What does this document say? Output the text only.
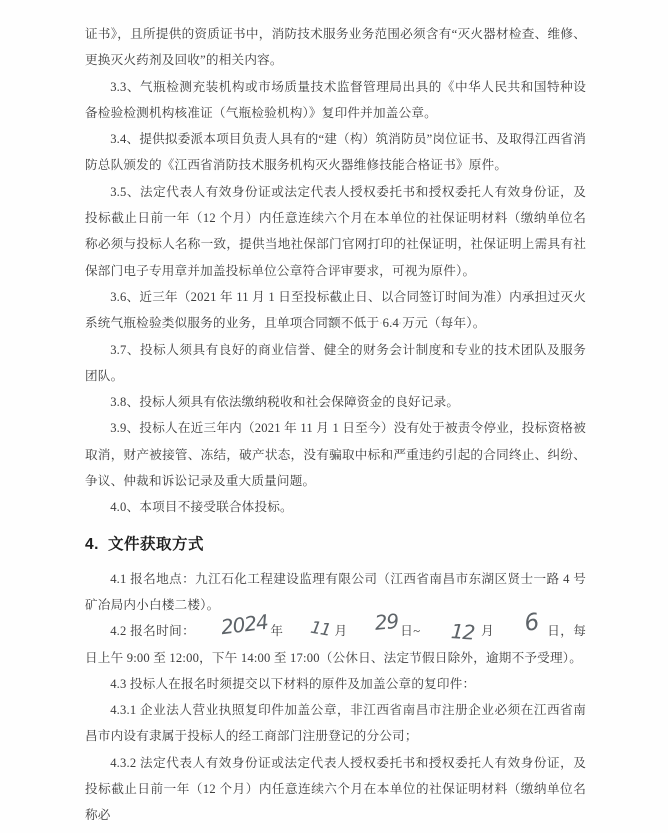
证书》，且所提供的资质证书中，消防技术服务业务范围必须含有“灭火器材检查、维修、更换灭火药剂及回收”的相关内容。

3.3、气瓶检测充装机构或市场质量技术监督管理局出具的《中华人民共和国特种设备检验检测机构核准证（气瓶检验机构）》复印件并加盖公章。

3.4、提供拟委派本项目负责人具有的“建（构）筑消防员”岗位证书、及取得江西省消防总队颁发的《江西省消防技术服务机构灭火器维修技能合格证书》原件。

3.5、法定代表人有效身份证或法定代表人授权委托书和授权委托人有效身份证，及投标截止日前一年（12 个月）内任意连续六个月在本单位的社保证明材料（缴纳单位名称必须与投标人名称一致，提供当地社保部门官网打印的社保证明，社保证明上需具有社保部门电子专用章并加盖投标单位公章符合评审要求，可视为原件）。

3.6、近三年（2021 年 11 月 1 日至投标截止日、以合同签订时间为准）内承担过灭火系统气瓶检验类似服务的业务，且单项合同额不低于 6.4 万元（每年）。

3.7、投标人须具有良好的商业信誉、健全的财务会计制度和专业的技术团队及服务团队。

3.8、投标人须具有依法缴纳税收和社会保障资金的良好记录。

3.9、投标人在近三年内（2021 年 11 月 1 日至今）没有处于被责令停业，投标资格被取消，财产被接管、冻结，破产状态，没有骗取中标和严重违约引起的合同终止、纠纷、争议、仲裁和诉讼记录及重大质量问题。

4.0、本项目不接受联合体投标。

4. 文件获取方式

4.1 报名地点：九江石化工程建设监理有限公司（江西省南昌市东湖区贤士一路 4 号矿冶局内小白楼二楼）。

4.2 报名时间： 2024年 11 月 29日~ 12 月 6 日，每日上午 9:00 至 12:00，下午 14:00 至 17:00（公休日、法定节假日除外，逾期不予受理）。

4.3 投标人在报名时须提交以下材料的原件及加盖公章的复印件：

4.3.1 企业法人营业执照复印件加盖公章，非江西省南昌市注册企业必须在江西省南昌市内设有隶属于投标人的经工商部门注册登记的分公司；

4.3.2 法定代表人有效身份证或法定代表人授权委托书和授权委托人有效身份证，及投标截止日前一年（12 个月）内任意连续六个月在本单位的社保证明材料（缴纳单位名称必
